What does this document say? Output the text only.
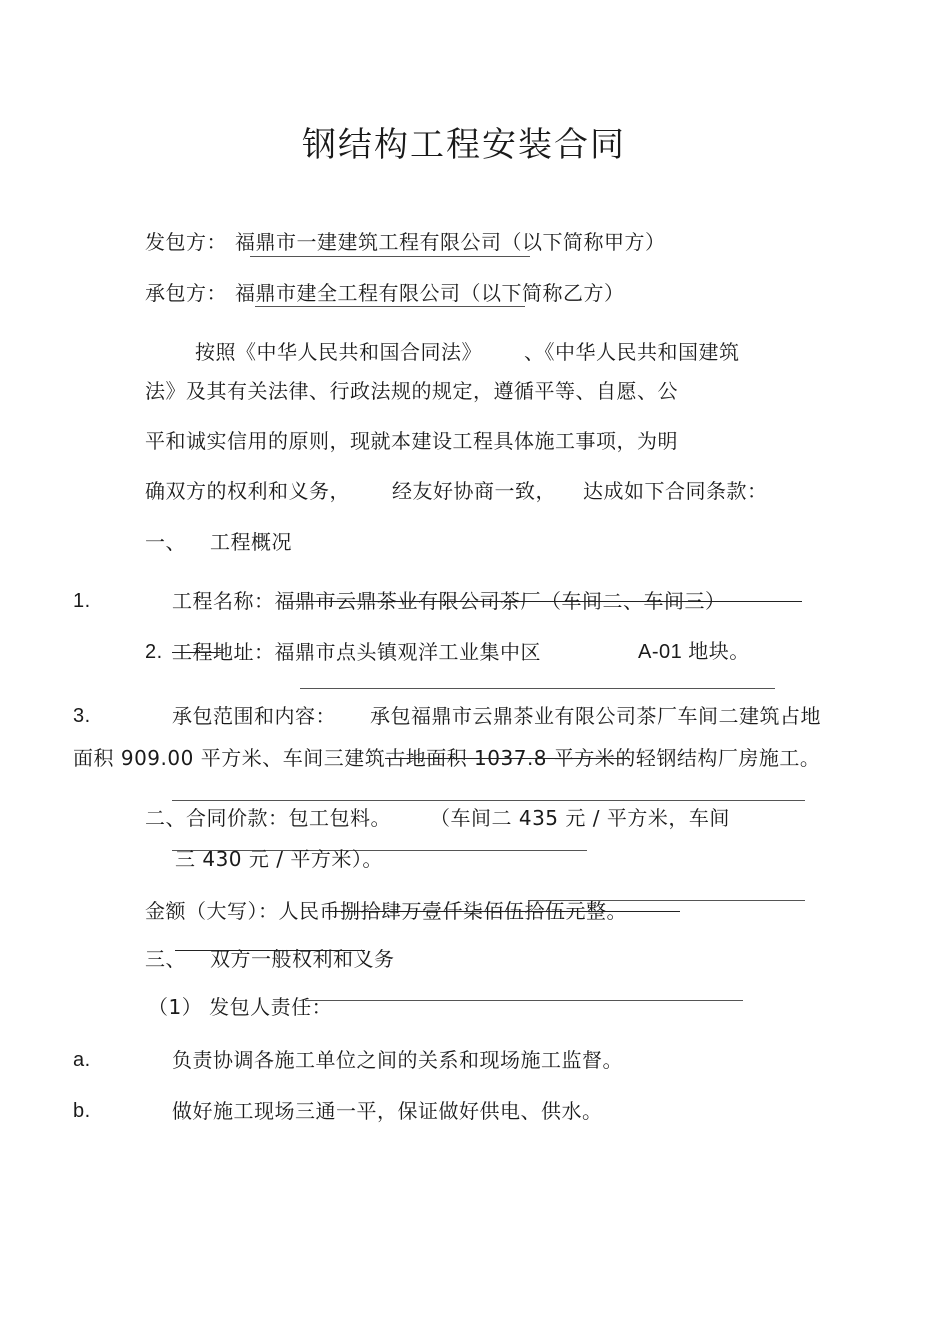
钢结构工程安装合同
发包方： 福鼎市一建建筑工程有限公司（以下简称甲方）
承包方： 福鼎市建全工程有限公司（以下简称乙方）
按照《中华人民共和国合同法》 、《中华人民共和国建筑
法》及其有关法律、行政法规的规定，遵循平等、自愿、公
平和诚实信用的原则，现就本建设工程具体施工事项，为明
确双方的权利和义务， 经友好协商一致， 达成如下合同条款：
一、 工程概况
1.	工程名称：福鼎市云鼎茶业有限公司茶厂（车间二、车间三）
2. 工程地址：福鼎市点头镇观洋工业集中区	A-01 地块。
3.	承包范围和内容： 承包福鼎市云鼎茶业有限公司茶厂车间二建筑占地
面积 909.00 平方米、车间三建筑古地面积 1037.8 平方米的轻钢结构厂房施工。
二、合同价款：包工包料。 （车间二 435 元 / 平方米，车间
三 430 元 / 平方米）。
金额（大写）：人民币捌拾肆万壹仟柒佰伍拾伍元整。
三、 双方一般权利和义务
（1） 发包人责任：
a.	负责协调各施工单位之间的关系和现场施工监督。
b.	做好施工现场三通一平，保证做好供电、供水。
